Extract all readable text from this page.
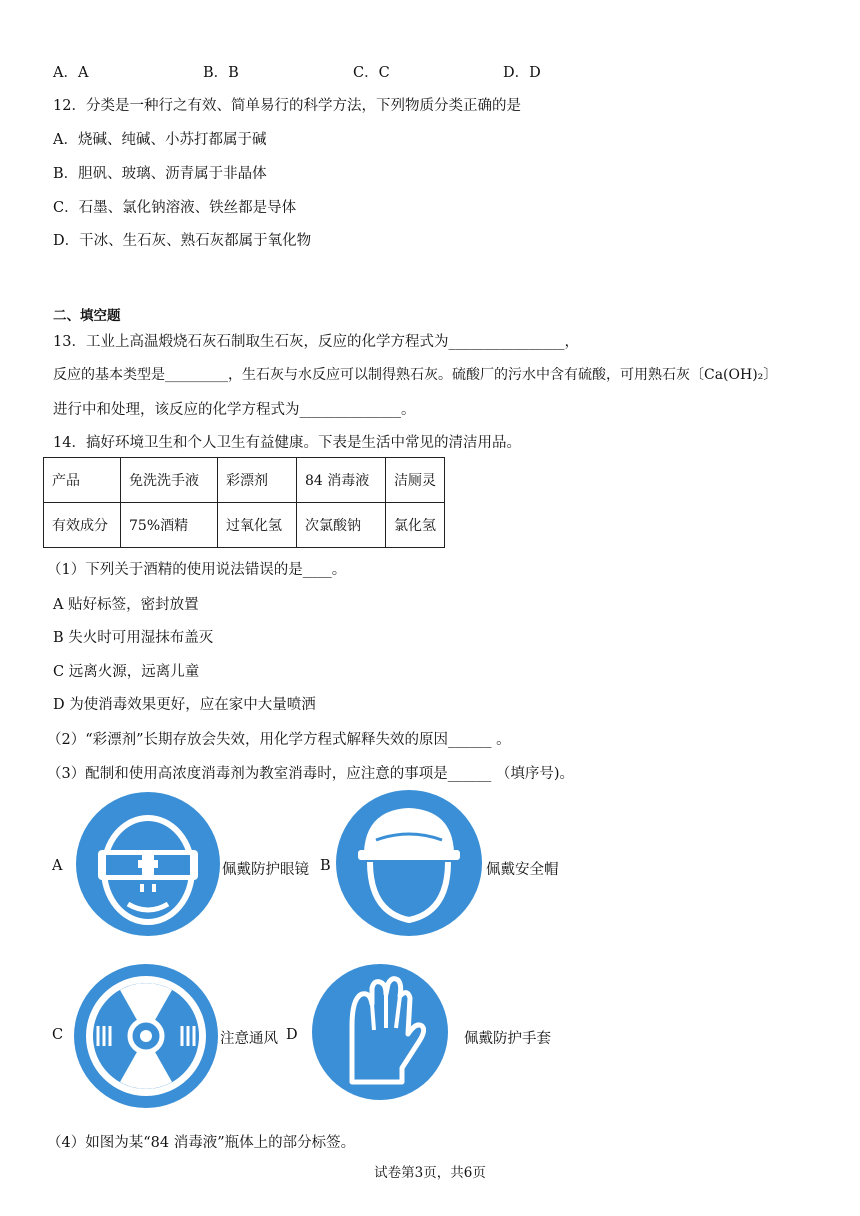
A．A	B．B	C．C	D．D
12．分类是一种行之有效、简单易行的科学方法，下列物质分类正确的是
A．烧碱、纯碱、小苏打都属于碱
B．胆矾、玻璃、沥青属于非晶体
C．石墨、氯化钠溶液、铁丝都是导体
D．干冰、生石灰、熟石灰都属于氧化物
二、填空题
13．工业上高温煅烧石灰石制取生石灰，反应的化学方程式为________________，
反应的基本类型是_________，生石灰与水反应可以制得熟石灰。硫酸厂的污水中含有硫酸，可用熟石灰〔Ca(OH)₂〕
进行中和处理，该反应的化学方程式为______________。
14．搞好环境卫生和个人卫生有益健康。下表是生活中常见的清洁用品。
产品	免洗洗手液	彩漂剂	84 消毒液	洁厕灵
有效成分	75%酒精	过氧化氢	次氯酸钠	氯化氢
（1）下列关于酒精的使用说法错误的是____。
A 贴好标签，密封放置
B 失火时可用湿抹布盖灭
C 远离火源，远离儿童
D 为使消毒效果更好，应在家中大量喷洒
（2）“彩漂剂”长期存放会失效，用化学方程式解释失效的原因______ 。
（3）配制和使用高浓度消毒剂为教室消毒时，应注意的事项是______ （填序号)。
A	佩戴防护眼镜 B	佩戴安全帽
C	注意通风 D	佩戴防护手套
（4）如图为某“84 消毒液”瓶体上的部分标签。
试卷第3页，共6页
